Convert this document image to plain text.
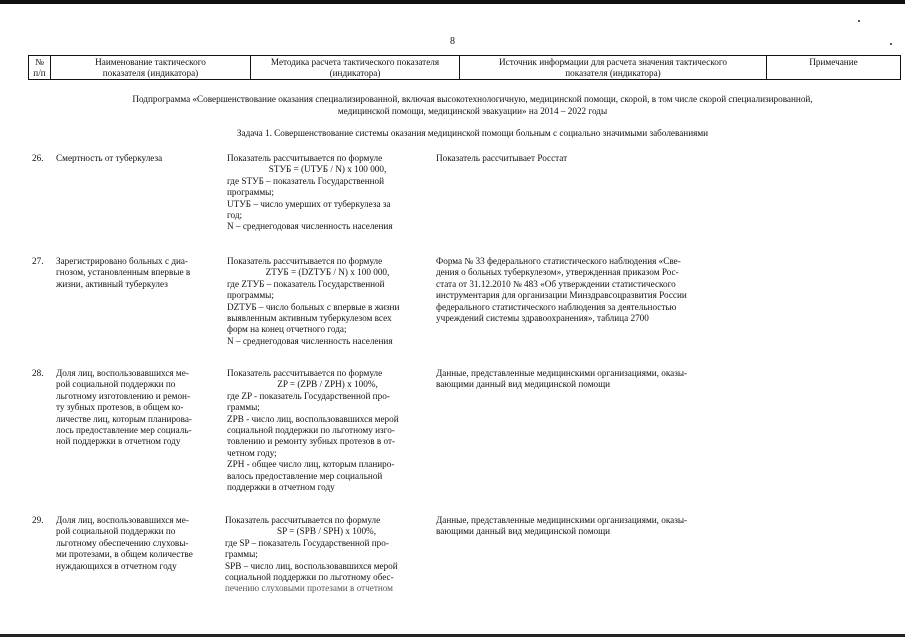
8
№
п/п
Наименование тактического
показателя (индикатора)
Методика расчета тактического показателя
(индикатора)
Источник информации для расчета значения тактического
показателя (индикатора)
Примечание
Подпрограмма «Совершенствование оказания специализированной, включая высокотехнологичную, медицинской помощи, скорой, в том числе скорой специализированной,
медицинской помощи, медицинской эвакуации» на 2014 – 2022 годы
Задача 1. Совершенствование системы оказания медицинской помощи больным с социально значимыми заболеваниями
26. Смертность от туберкулеза	Показатель рассчитывается по формуле
SТУБ = (UТУБ / N) x 100 000,
где SТУБ – показатель Государственной
программы;
UТУБ – число умерших от туберкулеза за
год;
N – среднегодовая численность населения
Показатель рассчитывает Росстат
27. Зарегистрировано больных с диа-
гнозом, установленным впервые в
жизни, активный туберкулез
Показатель рассчитывается по формуле
ZТУБ = (DZТУБ / N) x 100 000,
где ZТУБ – показатель Государственной
программы;
DZТУБ – число больных с впервые в жизни
выявленным активным туберкулезом всех
форм на конец отчетного года;
N – среднегодовая численность населения
Форма № 33 федерального статистического наблюдения «Све-
дения о больных туберкулезом», утвержденная приказом Рос-
стата от 31.12.2010 № 483 «Об утверждении статистического
инструментария для организации Минздравсоцразвития России
федерального статистического наблюдения за деятельностью
учреждений системы здравоохранения», таблица 2700
28. Доля лиц, воспользовавшихся ме-
рой социальной поддержки по
льготному изготовлению и ремон-
ту зубных протезов, в общем ко-
личестве лиц, которым планирова-
лось предоставление мер социаль-
ной поддержки в отчетном году
Показатель рассчитывается по формуле
ZP = (ZPВ / ZPН) x 100%,
где ZP - показатель Государственной про-
граммы;
ZPВ - число лиц, воспользовавшихся мерой
социальной поддержки по льготному изго-
товлению и ремонту зубных протезов в от-
четном году;
ZPН - общее число лиц, которым планиро-
валось предоставление мер социальной
поддержки в отчетном году
Данные, представленные медицинскими организациями, оказы-
вающими данный вид медицинской помощи
29. Доля лиц, воспользовавшихся ме-
рой социальной поддержки по
льготному обеспечению слуховы-
ми протезами, в общем количестве
нуждающихся в отчетном году
Показатель рассчитывается по формуле
SP = (SPВ / SPН) x 100%,
где SP – показатель Государственной про-
граммы;
SPВ – число лиц, воспользовавшихся мерой
социальной поддержки по льготному обес-
печению слуховыми протезами в отчетном
Данные, представленные медицинскими организациями, оказы-
вающими данный вид медицинской помощи
